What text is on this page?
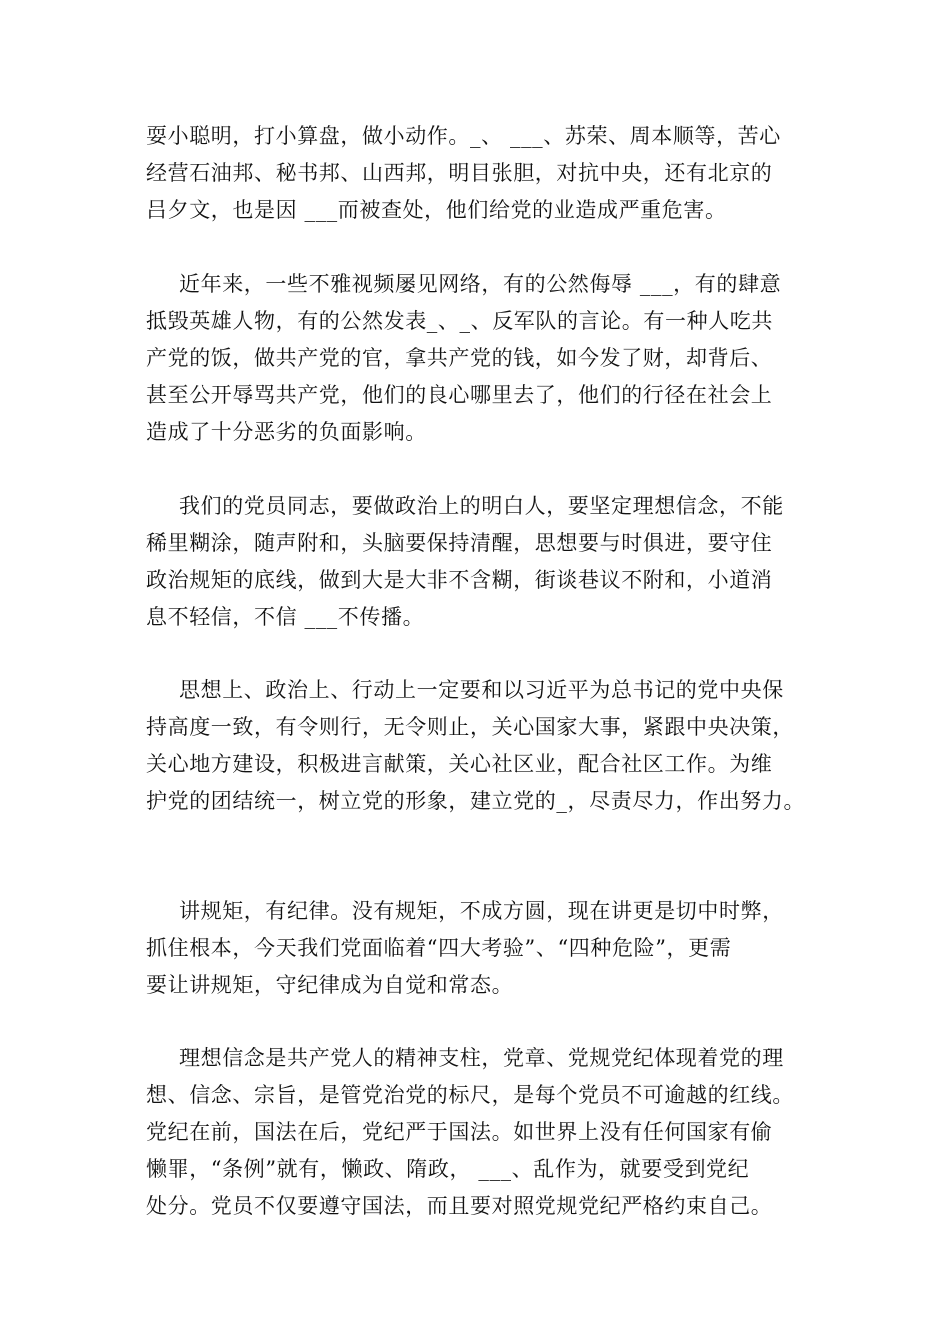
耍小聪明，打小算盘，做小动作。_、 ___、苏荣、周本顺等，苦心
经营石油邦、秘书邦、山西邦，明目张胆，对抗中央，还有北京的
吕夕文，也是因 ___而被查处，他们给党的业造成严重危害。
近年来，一些不雅视频屡见网络，有的公然侮辱 ___，有的肆意
抵毁英雄人物，有的公然发表_、_、反军队的言论。有一种人吃共
产党的饭，做共产党的官，拿共产党的钱，如今发了财，却背后、
甚至公开辱骂共产党，他们的良心哪里去了，他们的行径在社会上
造成了十分恶劣的负面影响。
我们的党员同志，要做政治上的明白人，要坚定理想信念，不能
稀里糊涂，随声附和，头脑要保持清醒，思想要与时俱进，要守住
政治规矩的底线，做到大是大非不含糊，街谈巷议不附和，小道消
息不轻信，不信 ___不传播。
思想上、政治上、行动上一定要和以习近平为总书记的党中央保
持高度一致，有令则行，无令则止，关心国家大事，紧跟中央决策，
关心地方建设，积极进言献策，关心社区业，配合社区工作。为维
护党的团结统一，树立党的形象，建立党的_，尽责尽力，作出努力。
讲规矩，有纪律。没有规矩，不成方圆，现在讲更是切中时弊，
抓住根本，今天我们党面临着“四大考验”、“四种危险”，更需
要让讲规矩，守纪律成为自觉和常态。
理想信念是共产党人的精神支柱，党章、党规党纪体现着党的理
想、信念、宗旨，是管党治党的标尺，是每个党员不可逾越的红线。
党纪在前，国法在后，党纪严于国法。如世界上没有任何国家有偷
懒罪，“条例”就有，懒政、隋政， ___、乱作为，就要受到党纪
处分。党员不仅要遵守国法，而且要对照党规党纪严格约束自己。
